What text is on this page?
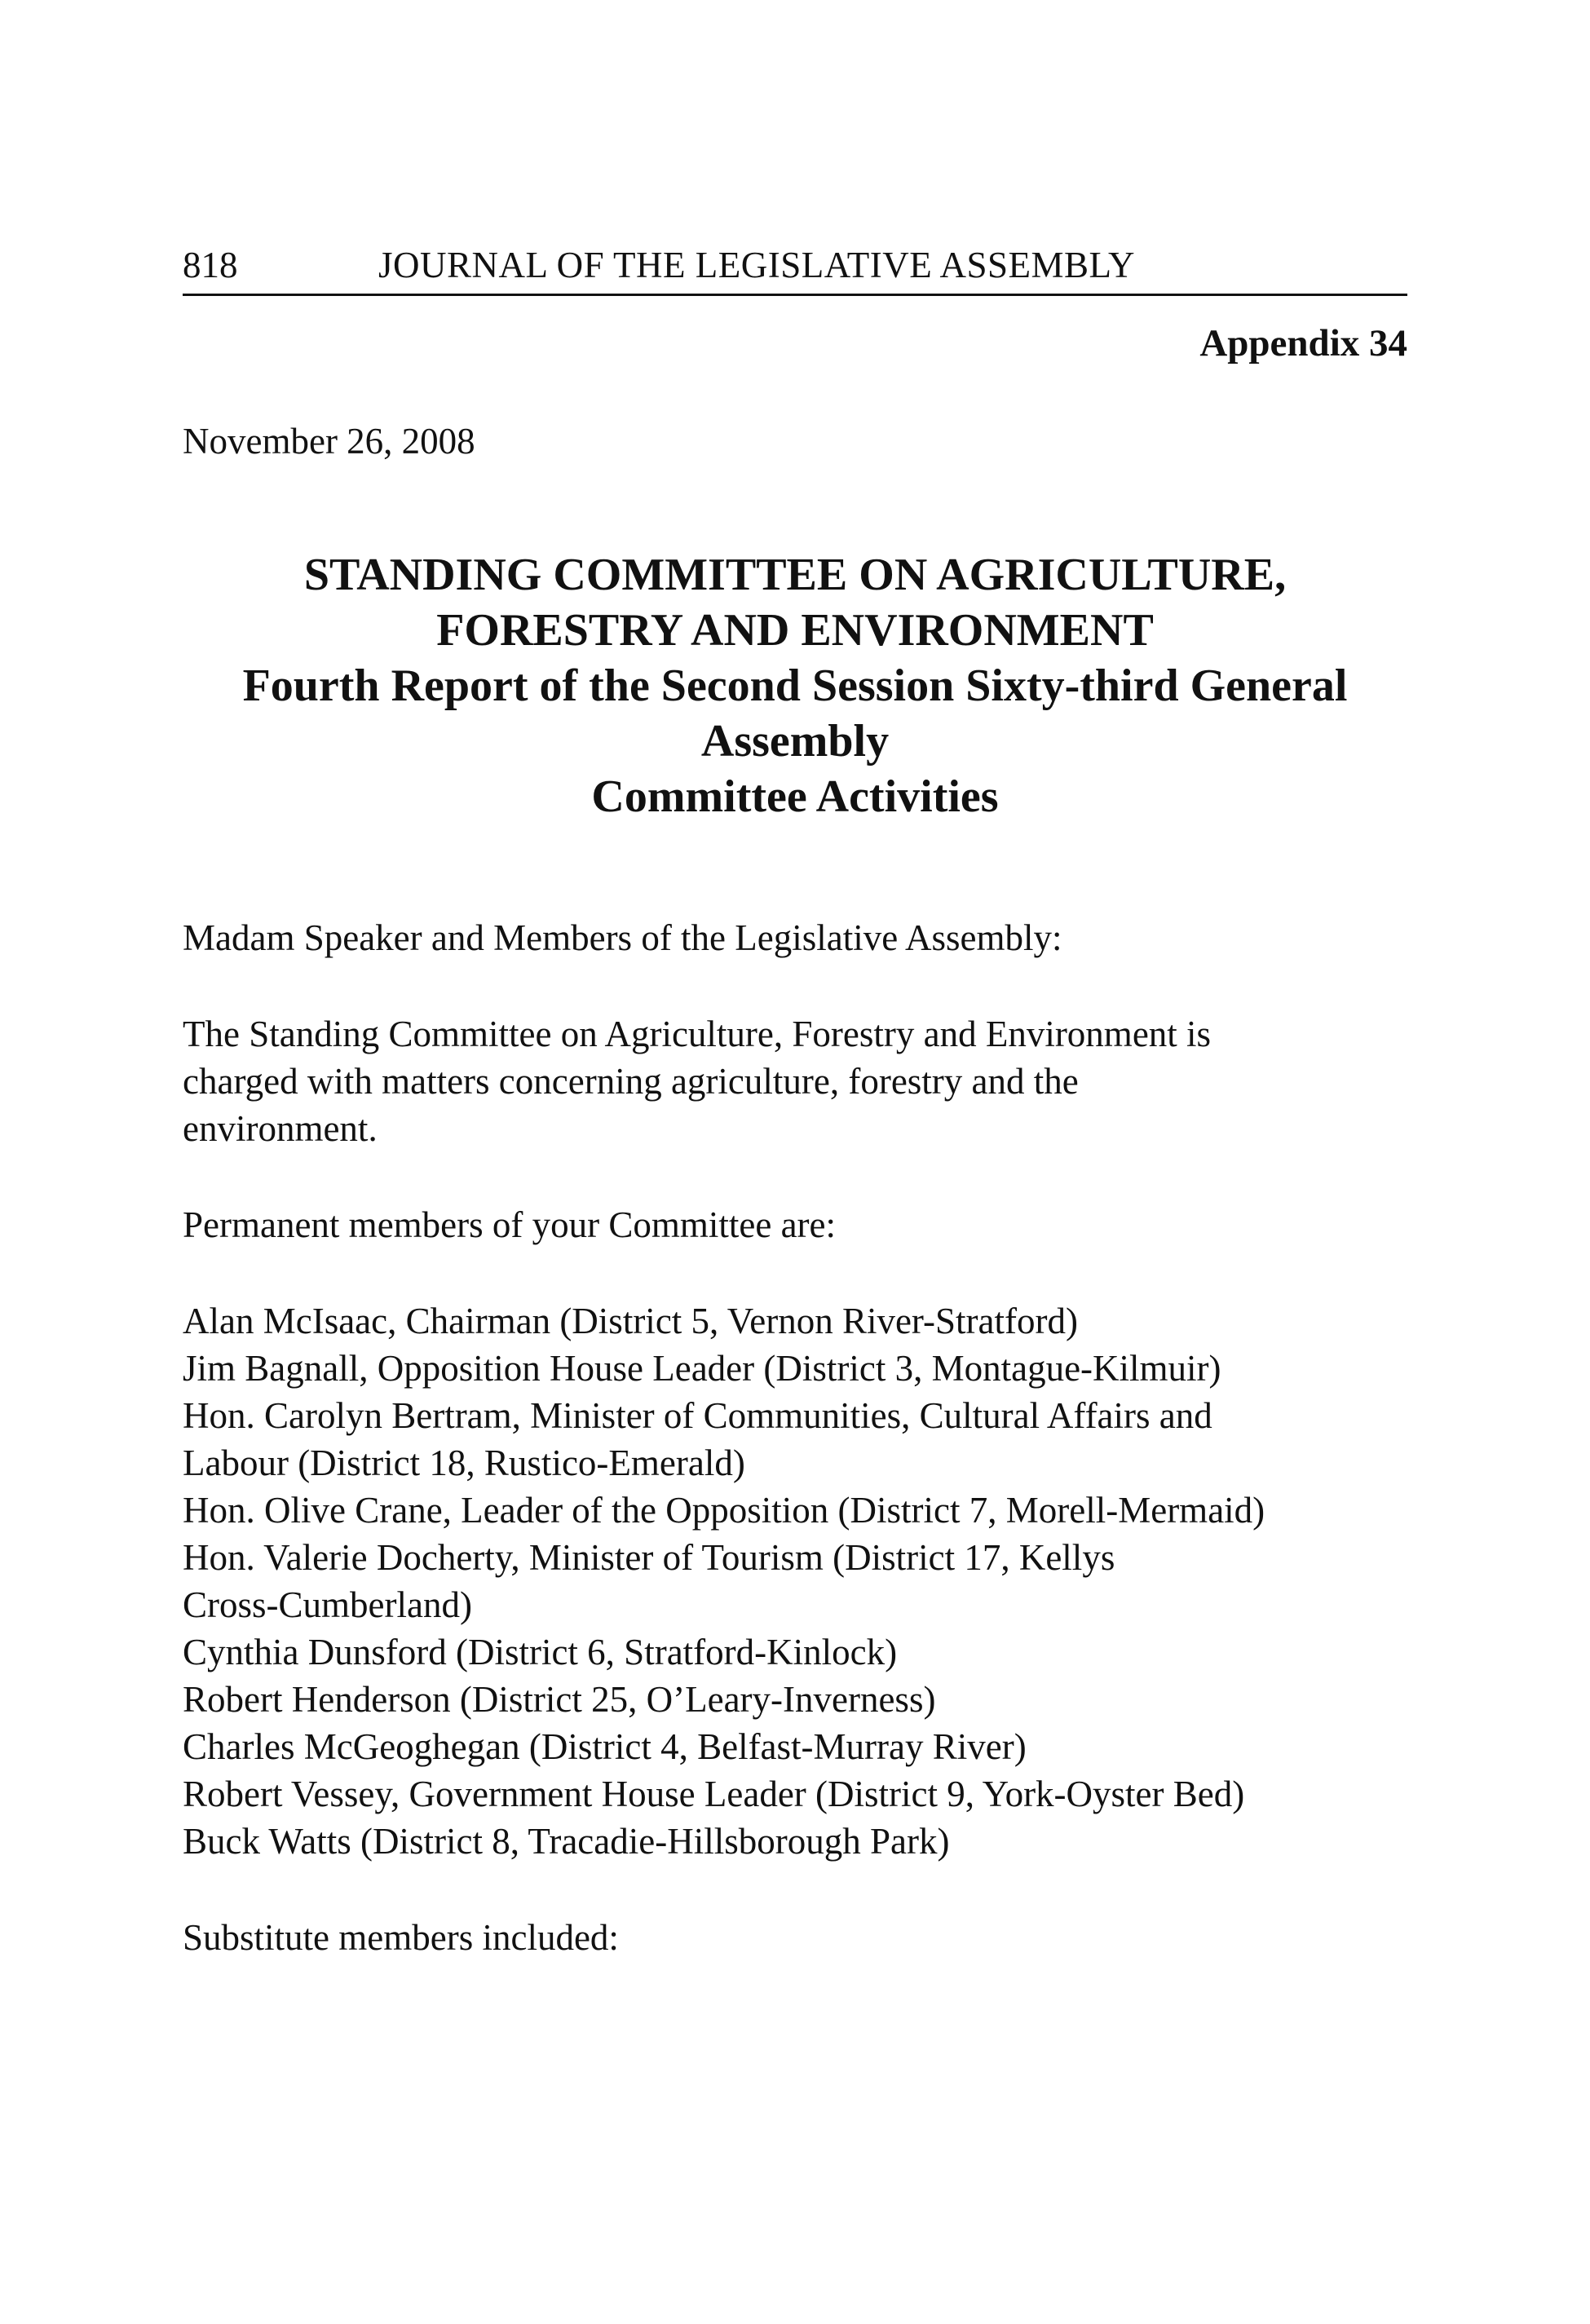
818	JOURNAL OF THE LEGISLATIVE ASSEMBLY
Appendix 34
November 26, 2008
STANDING COMMITTEE ON AGRICULTURE,
FORESTRY AND ENVIRONMENT
Fourth Report of the Second Session Sixty-third General
Assembly
Committee Activities
Madam Speaker and Members of the Legislative Assembly:
The Standing Committee on Agriculture, Forestry and Environment is
charged with matters concerning agriculture, forestry and the
environment.
Permanent members of your Committee are:
Alan McIsaac, Chairman (District 5, Vernon River-Stratford)
Jim Bagnall, Opposition House Leader (District 3, Montague-Kilmuir)
Hon. Carolyn Bertram, Minister of Communities, Cultural Affairs and
Labour (District 18, Rustico-Emerald)
Hon. Olive Crane, Leader of the Opposition (District 7, Morell-Mermaid)
Hon. Valerie Docherty, Minister of Tourism (District 17, Kellys
Cross-Cumberland)
Cynthia Dunsford (District 6, Stratford-Kinlock)
Robert Henderson (District 25, O’Leary-Inverness)
Charles McGeoghegan (District 4, Belfast-Murray River)
Robert Vessey, Government House Leader (District 9, York-Oyster Bed)
Buck Watts (District 8, Tracadie-Hillsborough Park)
Substitute members included:
